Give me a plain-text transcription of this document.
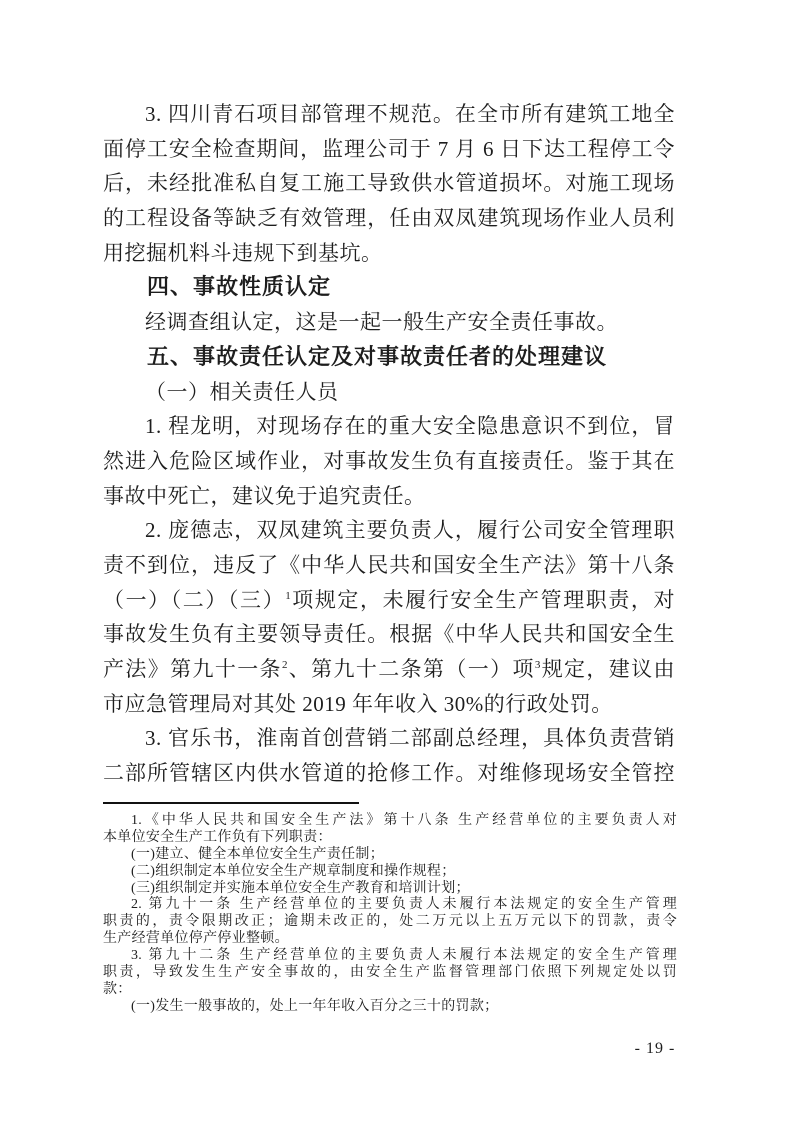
3. 四川青石项目部管理不规范。在全市所有建筑工地全
面停工安全检查期间，监理公司于 7 月 6 日下达工程停工令
后，未经批准私自复工施工导致供水管道损坏。对施工现场
的工程设备等缺乏有效管理，任由双凤建筑现场作业人员利
用挖掘机料斗违规下到基坑。
四、事故性质认定
经调查组认定，这是一起一般生产安全责任事故。
五、事故责任认定及对事故责任者的处理建议
（一）相关责任人员
1. 程龙明，对现场存在的重大安全隐患意识不到位，冒
然进入危险区域作业，对事故发生负有直接责任。鉴于其在
事故中死亡，建议免于追究责任。
2. 庞德志，双凤建筑主要负责人，履行公司安全管理职
责不到位，违反了《中华人民共和国安全生产法》第十八条
（一）（二）（三）$^1$项规定，未履行安全生产管理职责，对
事故发生负有主要领导责任。根据《中华人民共和国安全生
产法》第九十一条$^2$、第九十二条第（一）项$^3$规定，建议由
市应急管理局对其处 2019 年年收入 30%的行政处罚。
3. 官乐书，淮南首创营销二部副总经理，具体负责营销
二部所管辖区内供水管道的抢修工作。对维修现场安全管控
1.《中华人民共和国安全生产法》第十八条 生产经营单位的主要负责人对
本单位安全生产工作负有下列职责：
(一)建立、健全本单位安全生产责任制；
(二)组织制定本单位安全生产规章制度和操作规程；
(三)组织制定并实施本单位安全生产教育和培训计划；
2. 第九十一条 生产经营单位的主要负责人未履行本法规定的安全生产管理
职责的，责令限期改正；逾期未改正的，处二万元以上五万元以下的罚款，责令
生产经营单位停产停业整顿。
3. 第九十二条 生产经营单位的主要负责人未履行本法规定的安全生产管理
职责，导致发生生产安全事故的，由安全生产监督管理部门依照下列规定处以罚
款：
(一)发生一般事故的，处上一年年收入百分之三十的罚款；
- 19 -
